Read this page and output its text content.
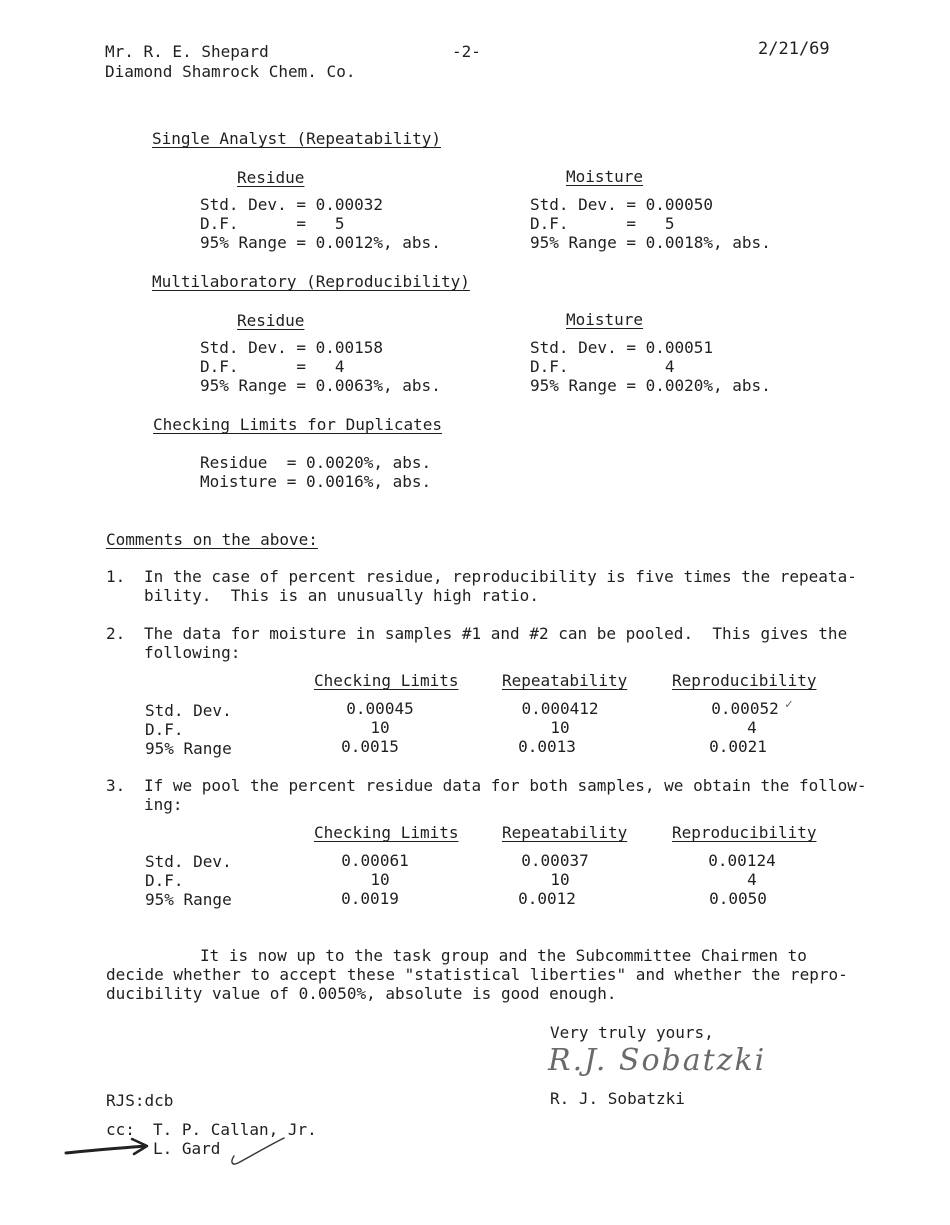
Mr. R. E. Shepard
Diamond Shamrock Chem. Co.
-2-	2/21/69
Single Analyst (Repeatability)
Residue
Std. Dev. = 0.00032
D.F.      =   5
95% Range = 0.0012%, abs.
Moisture
Std. Dev. = 0.00050
D.F.      =   5
95% Range = 0.0018%, abs.
Multilaboratory (Reproducibility)
Residue
Std. Dev. = 0.00158
D.F.      =   4
95% Range = 0.0063%, abs.
Moisture
Std. Dev. = 0.00051
D.F.          4
95% Range = 0.0020%, abs.
Checking Limits for Duplicates
Residue  = 0.0020%, abs.
Moisture = 0.0016%, abs.
Comments on the above:
1. In the case of percent residue, reproducibility is five times the repeata-
bility.  This is an unusually high ratio.
2. The data for moisture in samples #1 and #2 can be pooled.  This gives the
following:
Checking Limits	Repeatability	Reproducibility
Std. Dev.	0.00045	0.000412	0.00052 ✓
D.F.	10	10	4
95% Range	0.0015	0.0013	0.0021
3. If we pool the percent residue data for both samples, we obtain the follow-
ing:
Checking Limits	Repeatability	Reproducibility
Std. Dev.	0.00061	0.00037	0.00124
D.F.	10	10	4
95% Range	0.0019	0.0012	0.0050
It is now up to the task group and the Subcommittee Chairmen to
decide whether to accept these "statistical liberties" and whether the repro-
ducibility value of 0.0050%, absolute is good enough.
Very truly yours,
R.J. Sobatzki
R. J. Sobatzki
RJS:dcb
cc: T. P. Callan, Jr.
L. Gard
